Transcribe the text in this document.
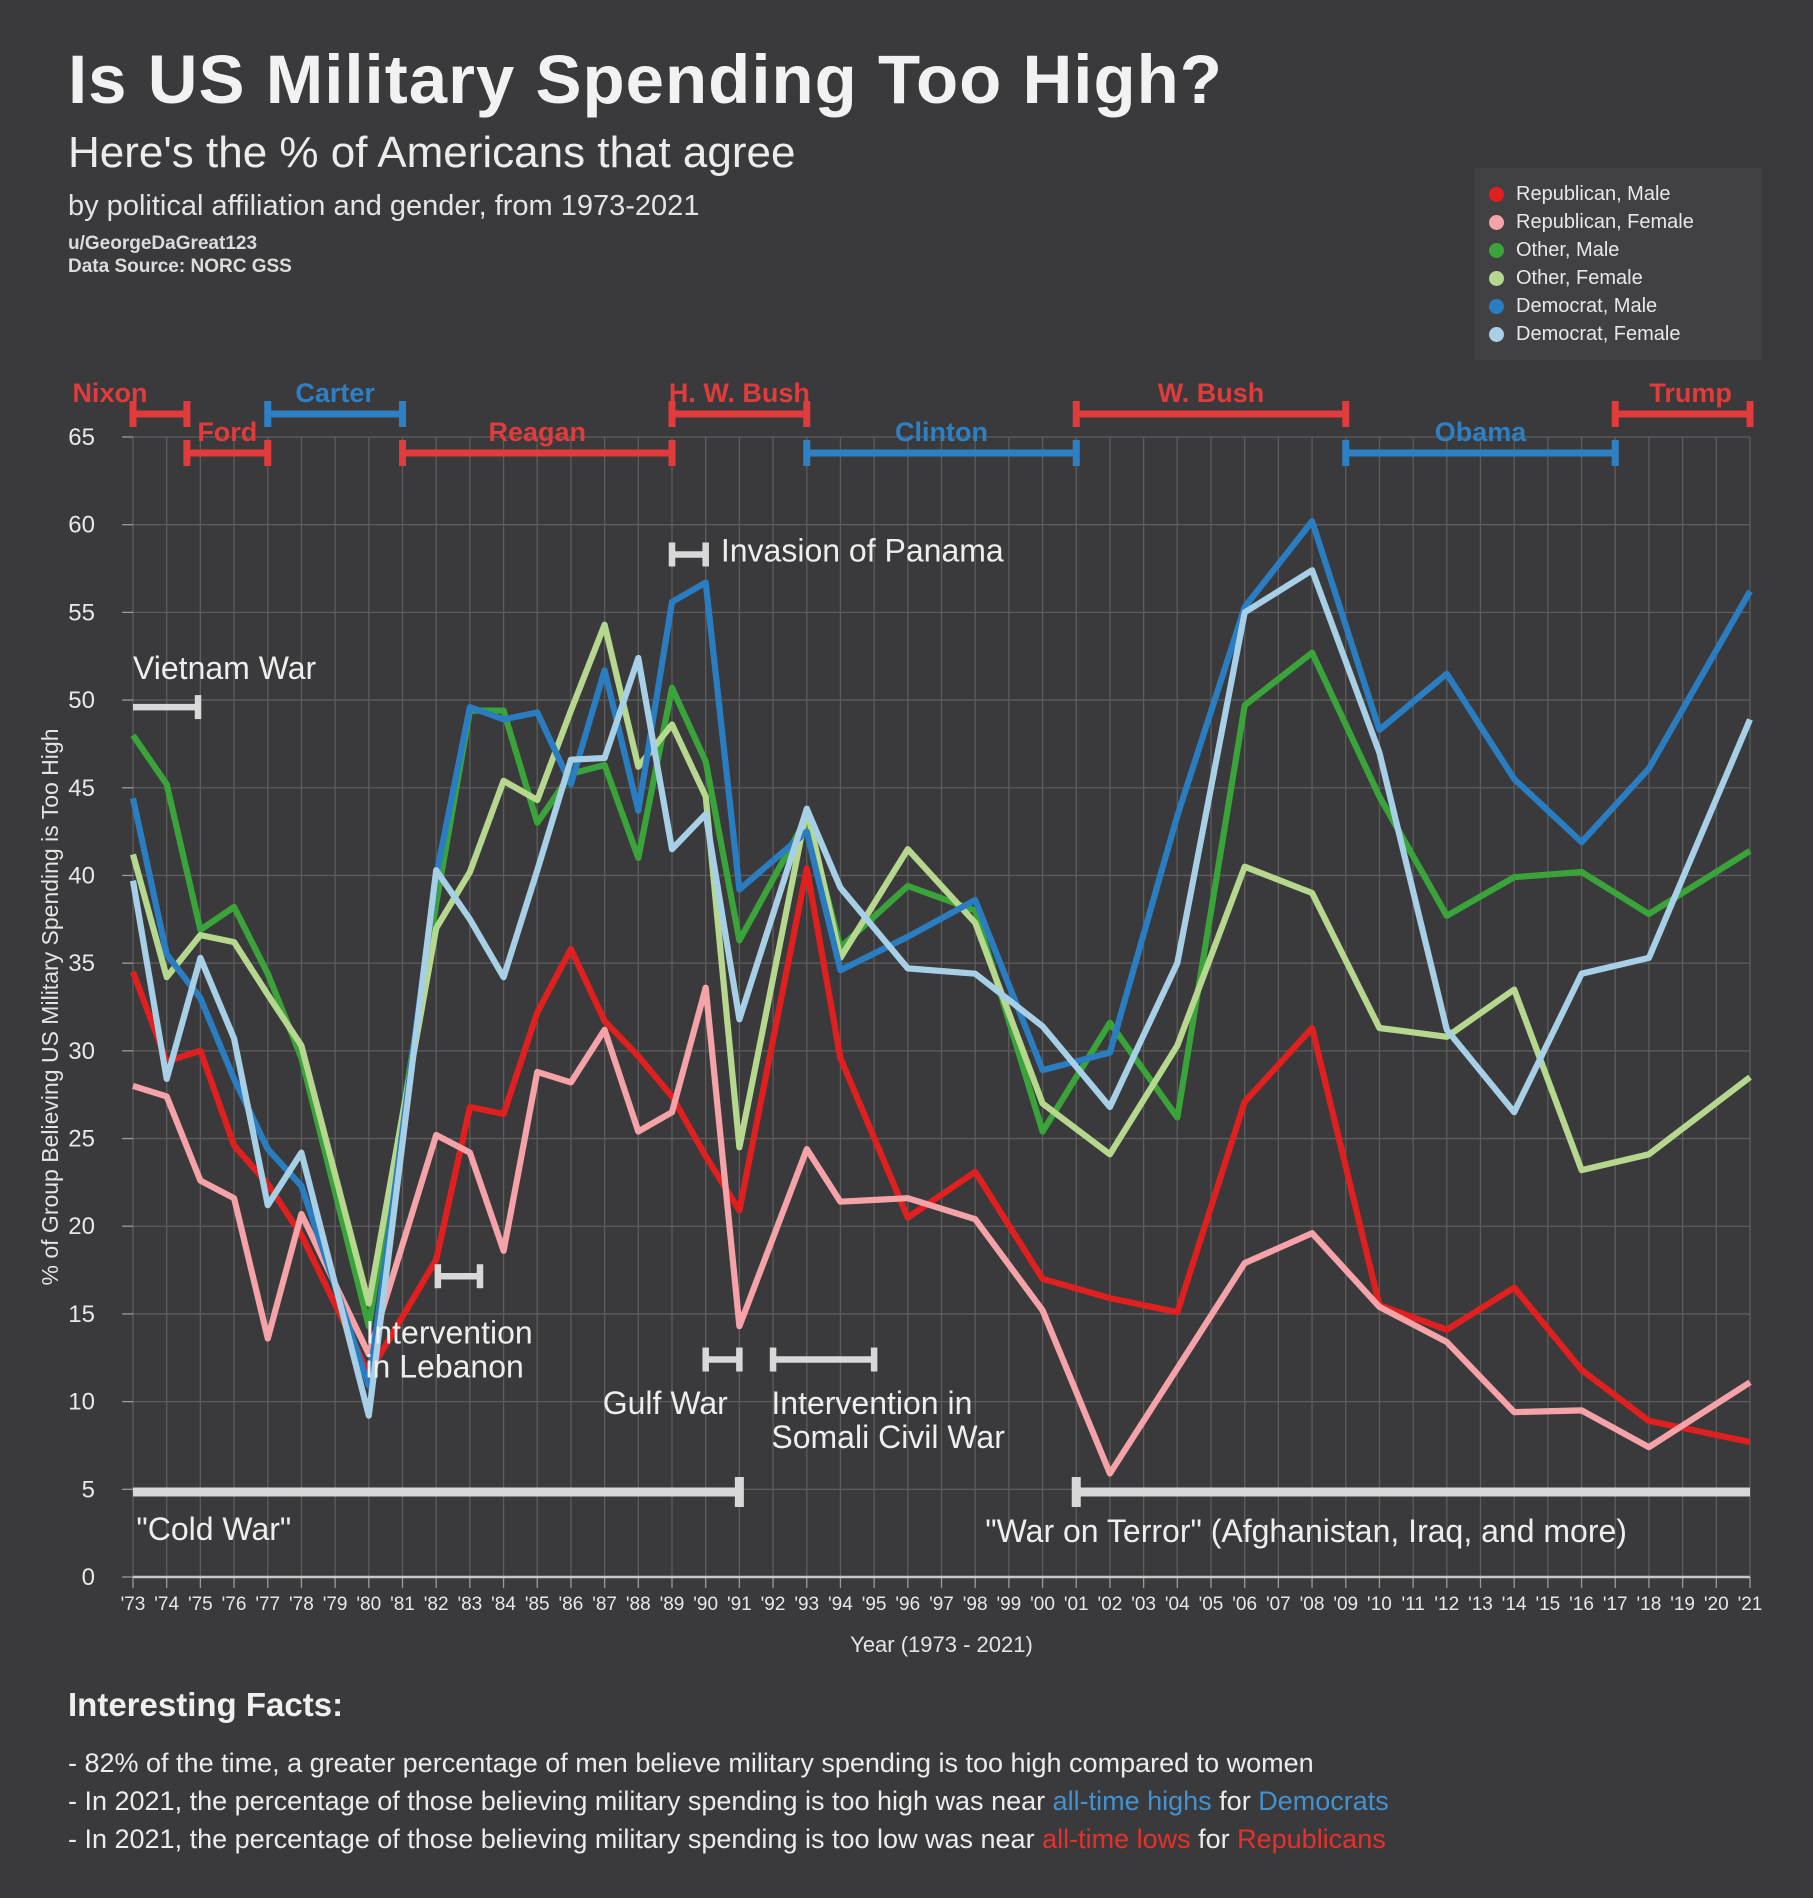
Is US Military Spending Too High?
Here's the % of Americans that agree
by political affiliation and gender, from 1973-2021
u/GeorgeDaGreat123
Data Source: NORC GSS
Republican, Male
Republican, Female
Other, Male
Other, Female
Democrat, Male
Democrat, Female
'73 '74 '75 '76 '77 '78 '79 '80 '81 '82 '83 '84 '85 '86 '87 '88 '89 '90 '91 '92 '93 '94 '95 '96 '97 '98 '99 '00 '01 '02 '03 '04 '05 '06 '07 '08 '09 '10 '11 '12 '13 '14 '15 '16 '17 '18 '19 '20 '21
0
5
10
15
20
25
30
35
40
45
50
55
60
65
Year (1973 - 2021)
% of Group Believing US Military Spending is Too High
Vietnam War
Invasion of Panama
Intervention
in Lebanon
Gulf War Intervention in
Somali Civil War
"Cold War"	"War on Terror" (Afghanistan, Iraq, and more)
Nixon
Ford
Carter
Reagan
H. W. Bush
Clinton
W. Bush
Obama
Trump
Interesting Facts:
- 82% of the time, a greater percentage of men believe military spending is too high compared to women
- In 2021, the percentage of those believing military spending is too high was near all-time highs for Democrats
- In 2021, the percentage of those believing military spending is too low was near all-time lows for Republicans
